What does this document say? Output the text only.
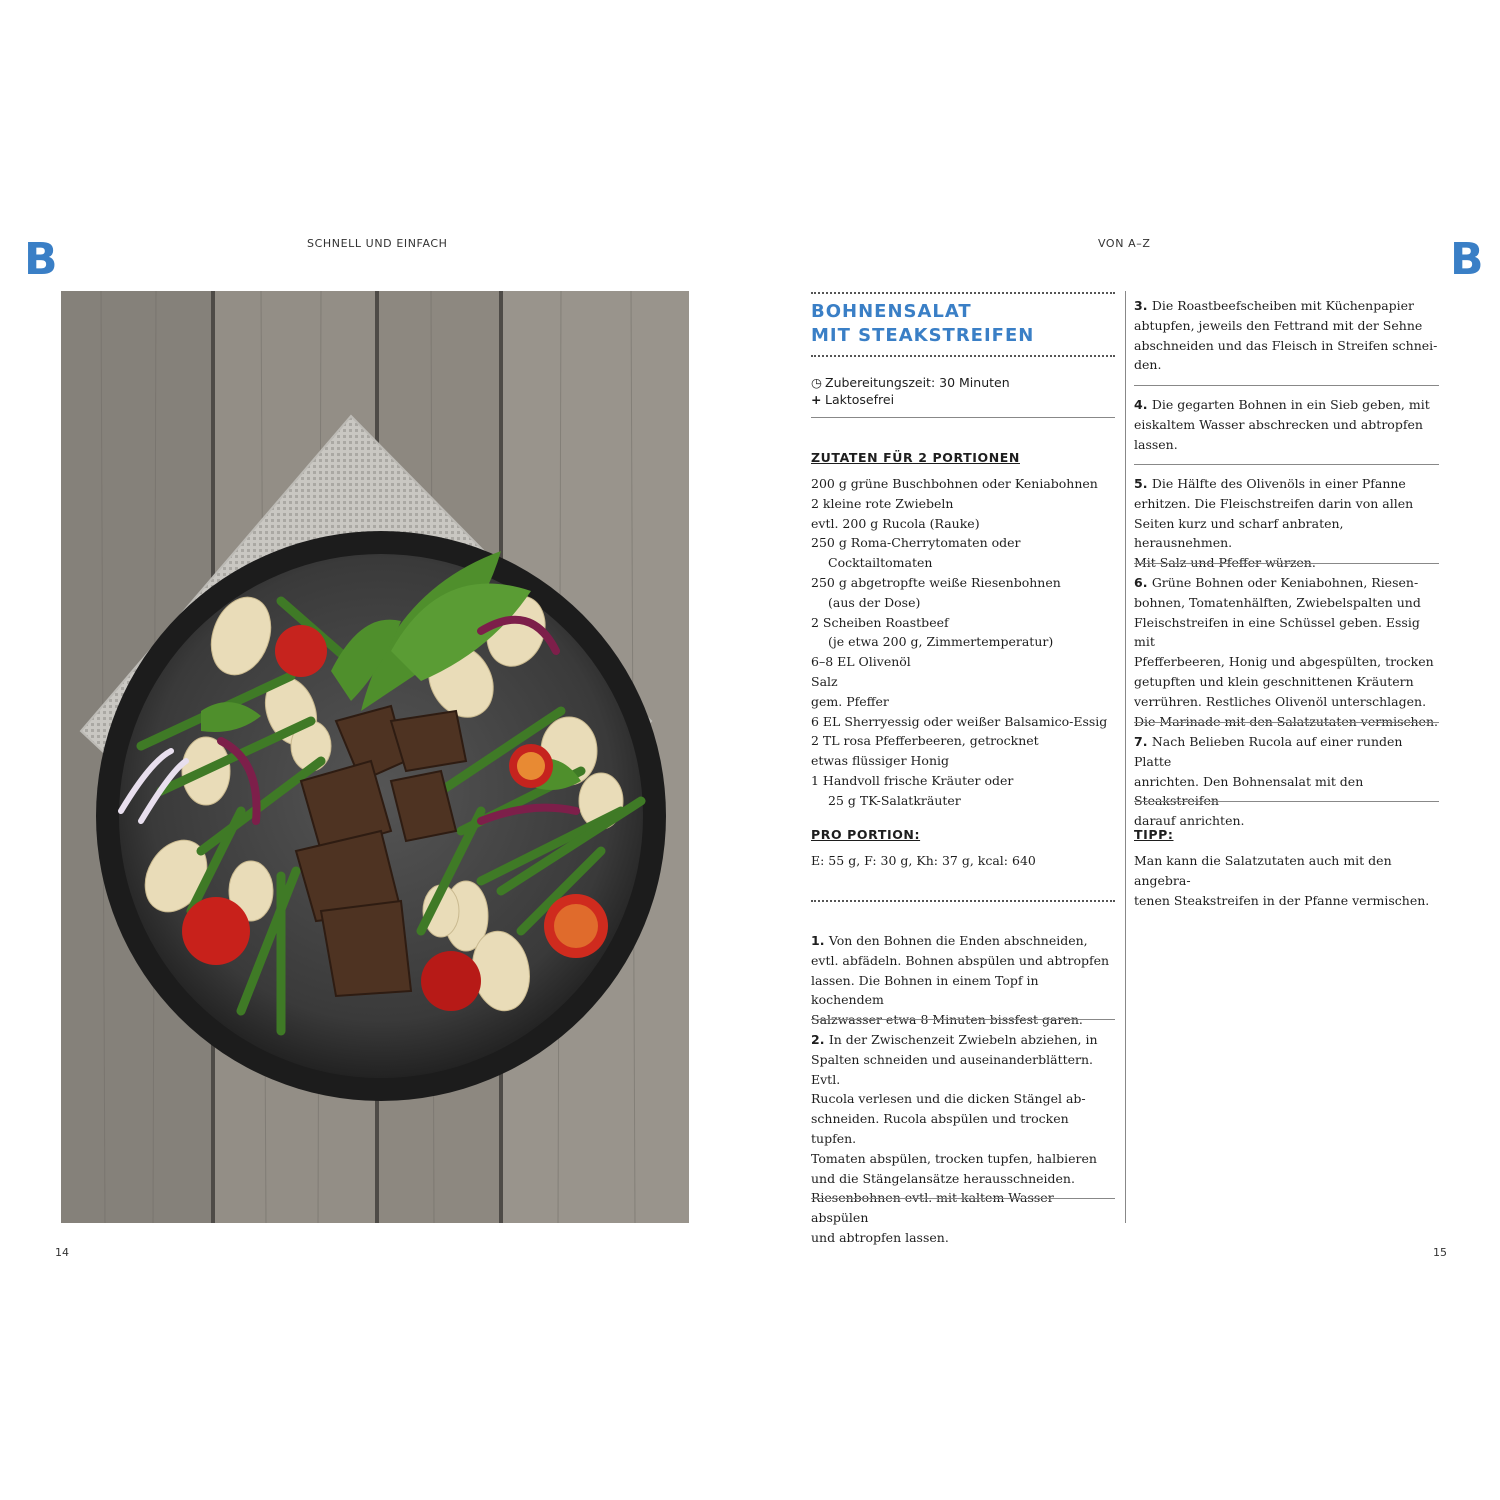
B	SCHNELL UND EINFACH
14
VON A–Z	B
BOHNENSALAT
MIT STEAKSTREIFEN
◷ Zubereitungszeit: 30 Minuten
+ Laktosefrei
ZUTATEN FÜR 2 PORTIONEN
200 g grüne Buschbohnen oder Keniabohnen
2 kleine rote Zwiebeln
evtl. 200 g Rucola (Rauke)
250 g Roma-Cherrytomaten oder
Cocktailtomaten
250 g abgetropfte weiße Riesenbohnen
(aus der Dose)
2 Scheiben Roastbeef
(je etwa 200 g, Zimmertemperatur)
6–8 EL Olivenöl
Salz
gem. Pfeffer
6 EL Sherryessig oder weißer Balsamico-Essig
2 TL rosa Pfefferbeeren, getrocknet
etwas flüssiger Honig
1 Handvoll frische Kräuter oder
25 g TK-Salatkräuter
PRO PORTION:
E: 55 g, F: 30 g, Kh: 37 g, kcal: 640
1. Von den Bohnen die Enden abschneiden,
evtl. abfädeln. Bohnen abspülen und abtropfen
lassen. Die Bohnen in einem Topf in kochendem
Salzwasser etwa 8 Minuten bissfest garen.
2. In der Zwischenzeit Zwiebeln abziehen, in
Spalten schneiden und auseinanderblättern. Evtl.
Rucola verlesen und die dicken Stängel ab-
schneiden. Rucola abspülen und trocken tupfen.
Tomaten abspülen, trocken tupfen, halbieren
und die Stängelansätze herausschneiden.
Riesenbohnen evtl. mit kaltem Wasser abspülen
und abtropfen lassen.
3. Die Roastbeefscheiben mit Küchenpapier
abtupfen, jeweils den Fettrand mit der Sehne
abschneiden und das Fleisch in Streifen schnei-
den.
4. Die gegarten Bohnen in ein Sieb geben, mit
eiskaltem Wasser abschrecken und abtropfen
lassen.
5. Die Hälfte des Olivenöls in einer Pfanne
erhitzen. Die Fleischstreifen darin von allen
Seiten kurz und scharf anbraten, herausnehmen.
Mit Salz und Pfeffer würzen.
6. Grüne Bohnen oder Keniabohnen, Riesen-
bohnen, Tomatenhälften, Zwiebelspalten und
Fleischstreifen in eine Schüssel geben. Essig mit
Pfefferbeeren, Honig und abgespülten, trocken
getupften und klein geschnittenen Kräutern
verrühren. Restliches Olivenöl unterschlagen.
Die Marinade mit den Salatzutaten vermischen.
7. Nach Belieben Rucola auf einer runden Platte
anrichten. Den Bohnensalat mit den Steakstreifen
darauf anrichten.
TIPP:
Man kann die Salatzutaten auch mit den angebra-
tenen Steakstreifen in der Pfanne vermischen.
15
